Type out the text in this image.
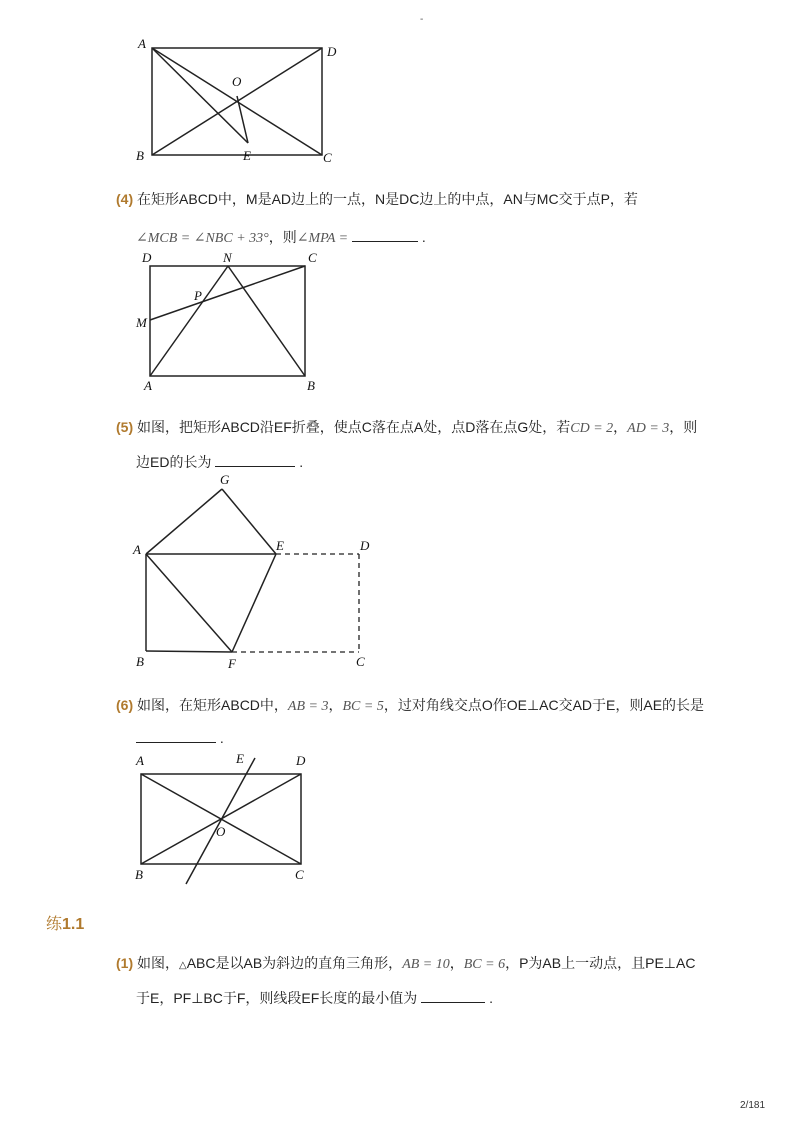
-
A
D
O
B	E	C
(4) 在矩形ABCD中，M是AD边上的一点，N是DC边上的中点，AN与MC交于点P，若
∠MCB = ∠NBC + 33°，则∠MPA =	.
D	N	C
P
M
A	B
(5) 如图，把矩形ABCD沿EF折叠，使点C落在点A处，点D落在点G处，若CD = 2，AD = 3，则
边ED的长为	.
G
A	E	D
B	F	C
(6) 如图，在矩形ABCD中，AB = 3，BC = 5，过对角线交点O作OE⊥AC交AD于E，则AE的长是
.
A	E	D
O
B	C
练1.1
(1) 如图，△ABC是以AB为斜边的直角三角形，AB = 10，BC = 6，P为AB上一动点，且PE⊥AC
于E，PF⊥BC于F，则线段EF长度的最小值为	.
2/181
